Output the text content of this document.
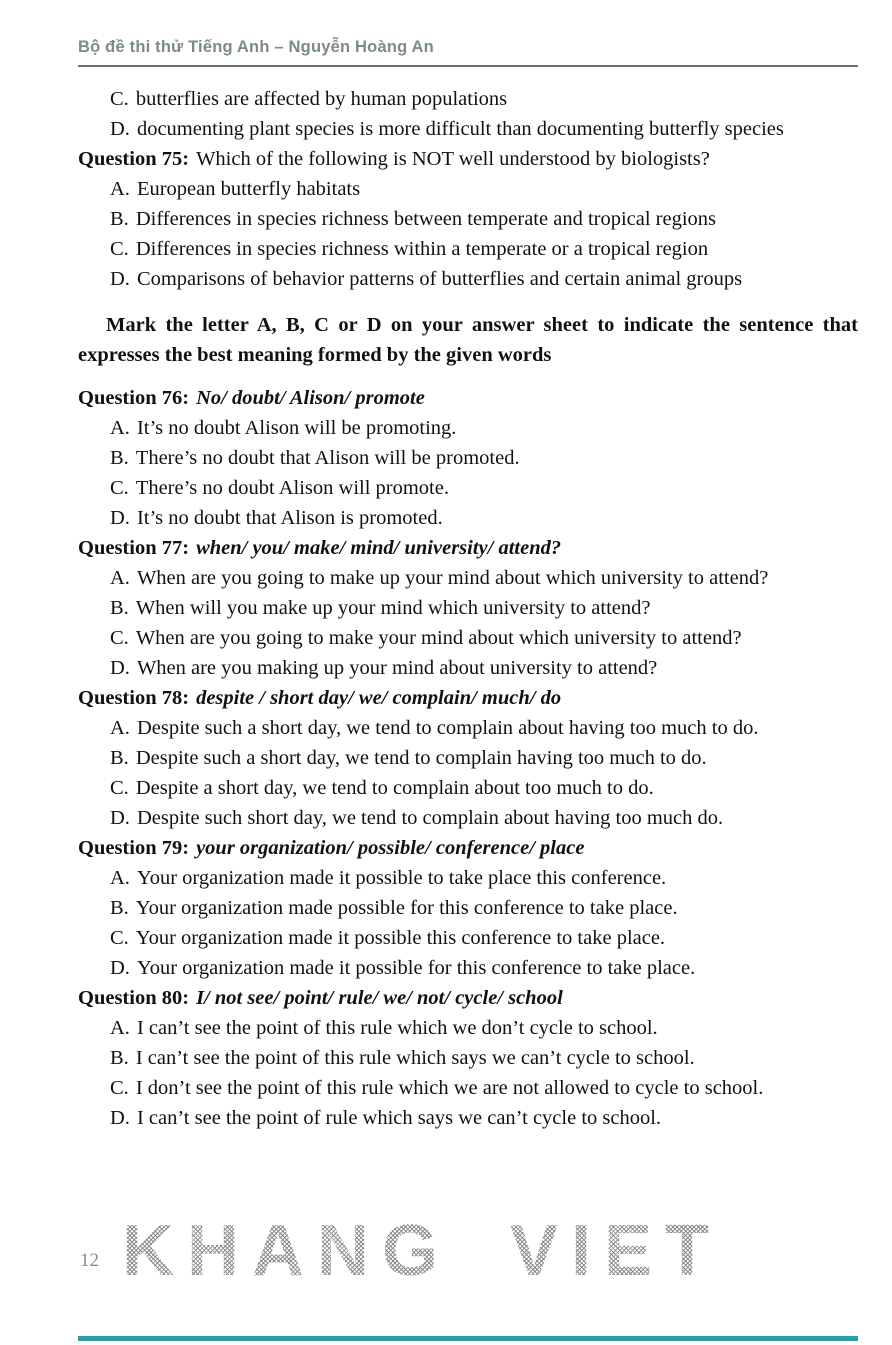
Bộ đề thi thử Tiếng Anh – Nguyễn Hoàng An
C. butterflies are affected by human populations
D. documenting plant species is more difficult than documenting butterfly species
Question 75: Which of the following is NOT well understood by biologists?
A. European butterfly habitats
B. Differences in species richness between temperate and tropical regions
C. Differences in species richness within a temperate or a tropical region
D. Comparisons of behavior patterns of butterflies and certain animal groups

Mark the letter A, B, C or D on your answer sheet to indicate the sentence that expresses the best meaning formed by the given words

Question 76: No/ doubt/ Alison/ promote
A. It’s no doubt Alison will be promoting.
B. There’s no doubt that Alison will be promoted.
C. There’s no doubt Alison will promote.
D. It’s no doubt that Alison is promoted.
Question 77: when/ you/ make/ mind/ university/ attend?
A. When are you going to make up your mind about which university to attend?
B. When will you make up your mind which university to attend?
C. When are you going to make your mind about which university to attend?
D. When are you making up your mind about university to attend?
Question 78: despite / short day/ we/ complain/ much/ do
A. Despite such a short day, we tend to complain about having too much to do.
B. Despite such a short day, we tend to complain having too much to do.
C. Despite a short day, we tend to complain about too much to do.
D. Despite such short day, we tend to complain about having too much do.
Question 79: your organization/ possible/ conference/ place
A. Your organization made it possible to take place this conference.
B. Your organization made possible for this conference to take place.
C. Your organization made it possible this conference to take place.
D. Your organization made it possible for this conference to take place.
Question 80: I/ not see/ point/ rule/ we/ not/ cycle/ school
A. I can’t see the point of this rule which we don’t cycle to school.
B. I can’t see the point of this rule which says we can’t cycle to school.
C. I don’t see the point of this rule which we are not allowed to cycle to school.
D. I can’t see the point of rule which says we can’t cycle to school.
12 KHANG VIET
